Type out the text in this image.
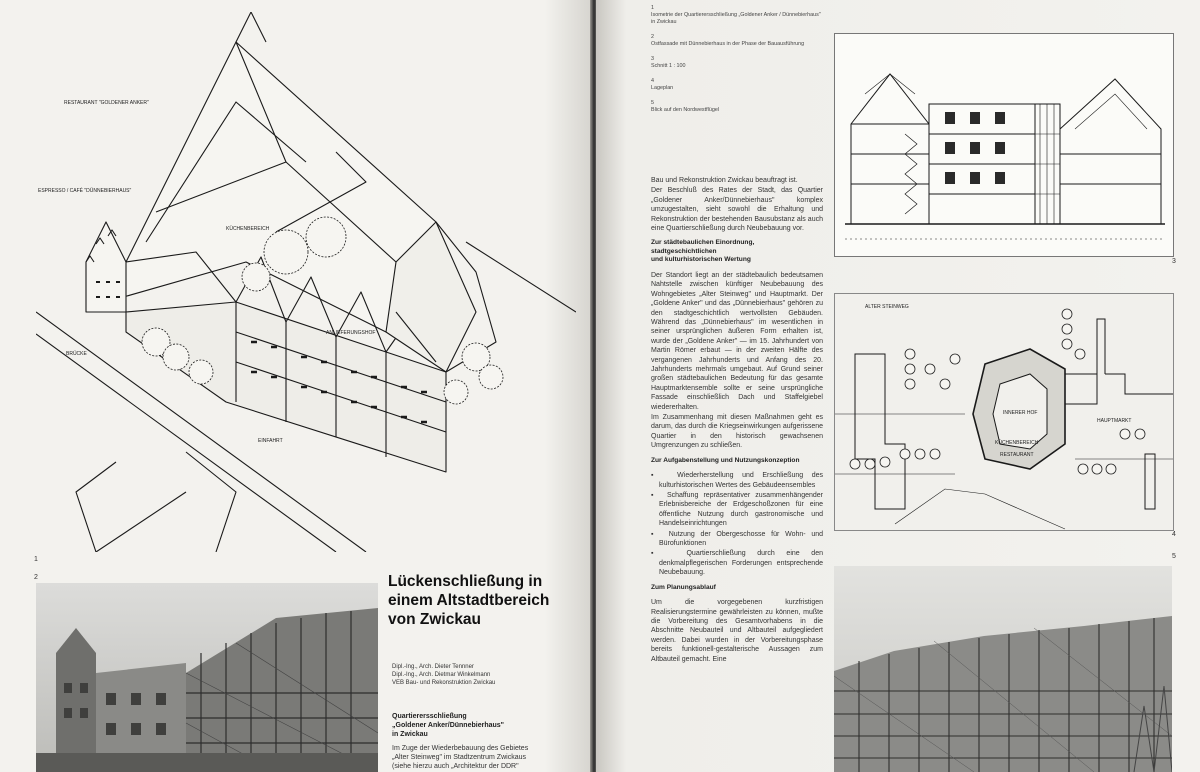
RESTAURANT "GOLDENER ANKER"
ESPRESSO / CAFÉ "DÜNNEBIERHAUS"
KÜCHENBEREICH
ANLIEFERUNGSHOF
BRÜCKE
EINFAHRT
1
2	Lückenschließung in
einem Altstadtbereich
von Zwickau
Dipl.-Ing., Arch. Dieter Tennner
Dipl.-Ing., Arch. Dietmar Winkelmann
VEB Bau- und Rekonstruktion Zwickau
Quartierersschließung
„Goldener Anker/Dünnebierhaus"
in Zwickau
Im Zuge der Wiederbebauung des Gebietes
„Alter Steinweg" im Stadtzentrum Zwickaus
(siehe hierzu auch „Architektur der DDR"
1
Isometrie der Quartierersschließung „Goldener Anker / Dünnebierhaus" in Zwickau
2
Ostfassade mit Dünnebierhaus in der Phase der Bauausführung
3
Schnitt 1 : 100
4
Lageplan
5
Blick auf den Nordwestflügel

Bau und Rekonstruktion Zwickau beauftragt ist.

Der Beschluß des Rates der Stadt, das Quartier „Goldener Anker/Dünnebierhaus" komplex umzugestalten, sieht sowohl die Erhaltung und Rekonstruktion der bestehenden Bausubstanz als auch eine Quartierschließung durch Neubebauung vor.

Zur städtebaulichen Einordnung,
stadtgeschichtlichen
und kulturhistorischen Wertung

Der Standort liegt an der städtebaulich bedeutsamen Nahtstelle zwischen künftiger Neubebauung des Wohngebietes „Alter Steinweg" und Hauptmarkt. Der „Goldene Anker" und das „Dünnebierhaus" gehören zu den stadtgeschichtlich wertvollsten Gebäuden. Während das „Dünnebierhaus" im wesentlichen in seiner ursprünglichen äußeren Form erhalten ist, wurde der „Goldene Anker" — im 15. Jahrhundert von Martin Römer erbaut — in der zweiten Hälfte des vergangenen Jahrhunderts und Anfang des 20. Jahrhunderts mehrmals umgebaut. Auf Grund seiner großen städtebaulichen Bedeutung für das gesamte Hauptmarktensemble sollte er seine ursprüngliche Fassade einschließlich Dach und Staffelgiebel wiedererhalten.

Im Zusammenhang mit diesen Maßnahmen geht es darum, das durch die Kriegseinwirkungen aufgerissene Quartier in den historisch gewachsenen Umgrenzungen zu schließen.

Zur Aufgabenstellung und Nutzungskonzeption
▪  Wiederherstellung und Erschließung des kulturhistorischen Wertes des Gebäudeensembles
▪  Schaffung repräsentativer zusammenhängender Erlebnisbereiche der Erdgeschoßzonen für eine öffentliche Nutzung durch gastronomische und Handelseinrichtungen
▪  Nutzung der Obergeschosse für Wohn- und Bürofunktionen
▪  Quartierschließung durch eine den denkmalpflegerischen Forderungen entsprechende Neubebauung.
Zum Planungsablauf

Um die vorgegebenen kurzfristigen Realisierungstermine gewährleisten zu können, mußte die Vorbereitung des Gesamtvorhabens in die Abschnitte Neubauteil und Altbauteil aufgegliedert werden. Dabei wurden in der Vorbereitungsphase bereits funktionell-gestalterische Aussagen zum Altbauteil gemacht. Eine

3
ALTER STEINWEG
HAUPTMARKT
INNERER HOF
KÜCHENBEREICH
RESTAURANT
4
5
